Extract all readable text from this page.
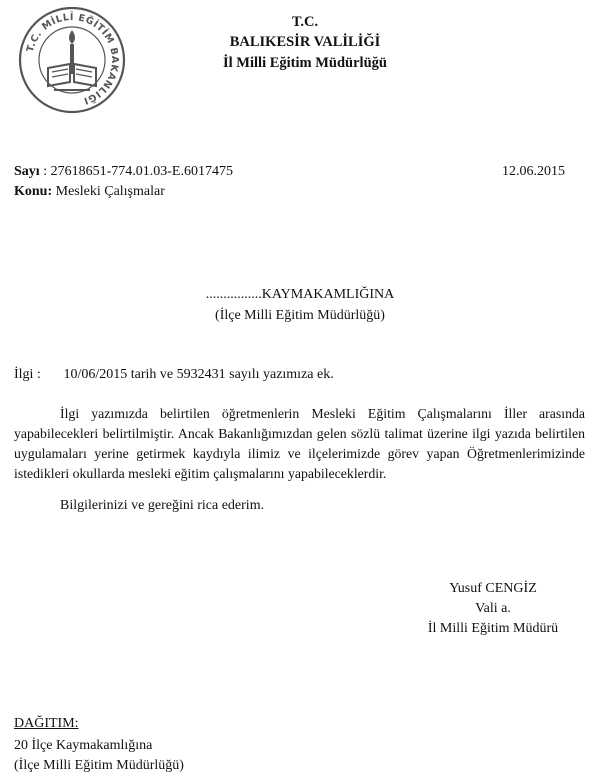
T.C. MİLLÎ EĞİTİM BAKANLIĞI
T.C.
BALIKESİR VALİLİĞİ
İl Milli Eğitim Müdürlüğü
Sayı : 27618651-774.01.03-E.6017475	12.06.2015
Konu: Mesleki Çalışmalar
................KAYMAKAMLIĞINA
(İlçe Milli Eğitim Müdürlüğü)
İlgi : 10/06/2015 tarih ve 5932431 sayılı yazımıza ek.
İlgi yazımızda belirtilen öğretmenlerin Mesleki Eğitim Çalışmalarını İller arasında yapabilecekleri belirtilmiştir. Ancak Bakanlığımızdan gelen sözlü talimat üzerine ilgi yazıda belirtilen uygulamaları yerine getirmek kaydıyla ilimiz ve ilçelerimizde görev yapan Öğretmenlerimizinde istedikleri okullarda mesleki eğitim çalışmalarını yapabileceklerdir.
Bilgilerinizi ve gereğini rica ederim.
Yusuf CENGİZ
Vali a.
İl Milli Eğitim Müdürü
DAĞITIM:
20 İlçe Kaymakamlığına
(İlçe Milli Eğitim Müdürlüğü)
